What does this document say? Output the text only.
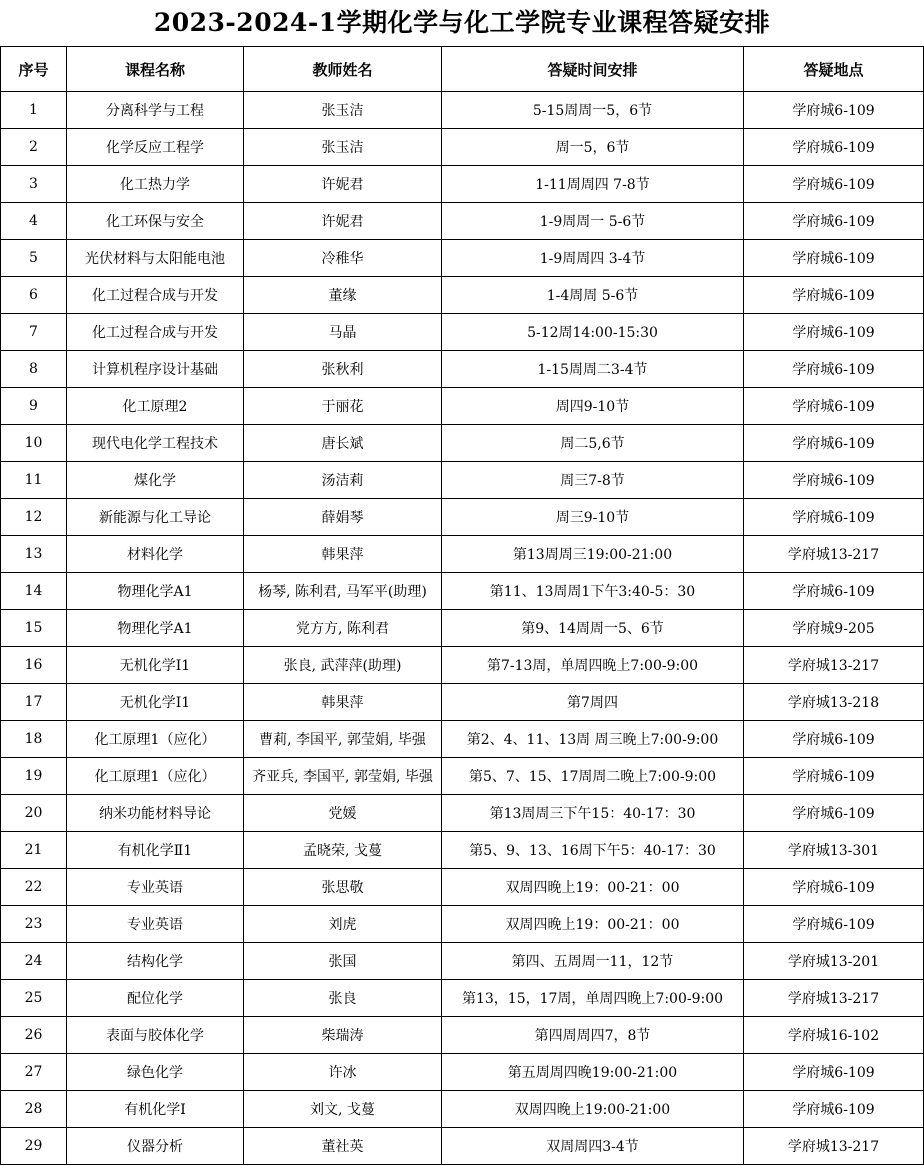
2023-2024-1学期化学与化工学院专业课程答疑安排
序号	课程名称	教师姓名	答疑时间安排	答疑地点
1	分离科学与工程	张玉洁	5-15周周一5，6节	学府城6-109
2	化学反应工程学	张玉洁	周一5，6节	学府城6-109
3	化工热力学	许妮君	1-11周周四 7-8节	学府城6-109
4	化工环保与安全	许妮君	1-9周周一 5-6节	学府城6-109
5	光伏材料与太阳能电池	冷稚华	1-9周周四 3-4节	学府城6-109
6	化工过程合成与开发	董缘	1-4周周 5-6节	学府城6-109
7	化工过程合成与开发	马晶	5-12周14:00-15:30	学府城6-109
8	计算机程序设计基础	张秋利	1-15周周二3-4节	学府城6-109
9	化工原理2	于丽花	周四9-10节	学府城6-109
10	现代电化学工程技术	唐长斌	周二5,6节	学府城6-109
11	煤化学	汤洁莉	周三7-8节	学府城6-109
12	新能源与化工导论	薛娟琴	周三9-10节	学府城6-109
13	材料化学	韩果萍	第13周周三19:00-21:00	学府城13-217
14	物理化学A1	杨琴, 陈利君, 马军平(助理)	第11、13周周1下午3:40-5：30	学府城6-109
15	物理化学A1	党方方, 陈利君	第9、14周周一5、6节	学府城9-205
16	无机化学Ⅰ1	张良, 武萍萍(助理)	第7-13周，单周四晚上7:00-9:00	学府城13-217
17	无机化学Ⅰ1	韩果萍	第7周四	学府城13-218
18	化工原理1（应化）	曹莉, 李国平, 郭莹娟, 毕强	第2、4、11、13周 周三晚上7:00-9:00	学府城6-109
19	化工原理1（应化）	齐亚兵, 李国平, 郭莹娟, 毕强	第5、7、15、17周周二晚上7:00-9:00	学府城6-109
20	纳米功能材料导论	党媛	第13周周三下午15：40-17：30	学府城6-109
21	有机化学Ⅱ1	孟晓荣, 戈蔓	第5、9、13、16周下午5：40-17：30	学府城13-301
22	专业英语	张思敬	双周四晚上19：00-21：00	学府城6-109
23	专业英语	刘虎	双周四晚上19：00-21：00	学府城6-109
24	结构化学	张国	第四、五周周一11，12节	学府城13-201
25	配位化学	张良	第13，15，17周，单周四晚上7:00-9:00	学府城13-217
26	表面与胶体化学	柴瑞涛	第四周周四7，8节	学府城16-102
27	绿色化学	许冰	第五周周四晚19:00-21:00	学府城6-109
28	有机化学Ⅰ	刘文, 戈蔓	双周四晚上19:00-21:00	学府城6-109
29	仪器分析	董社英	双周周四3-4节	学府城13-217
